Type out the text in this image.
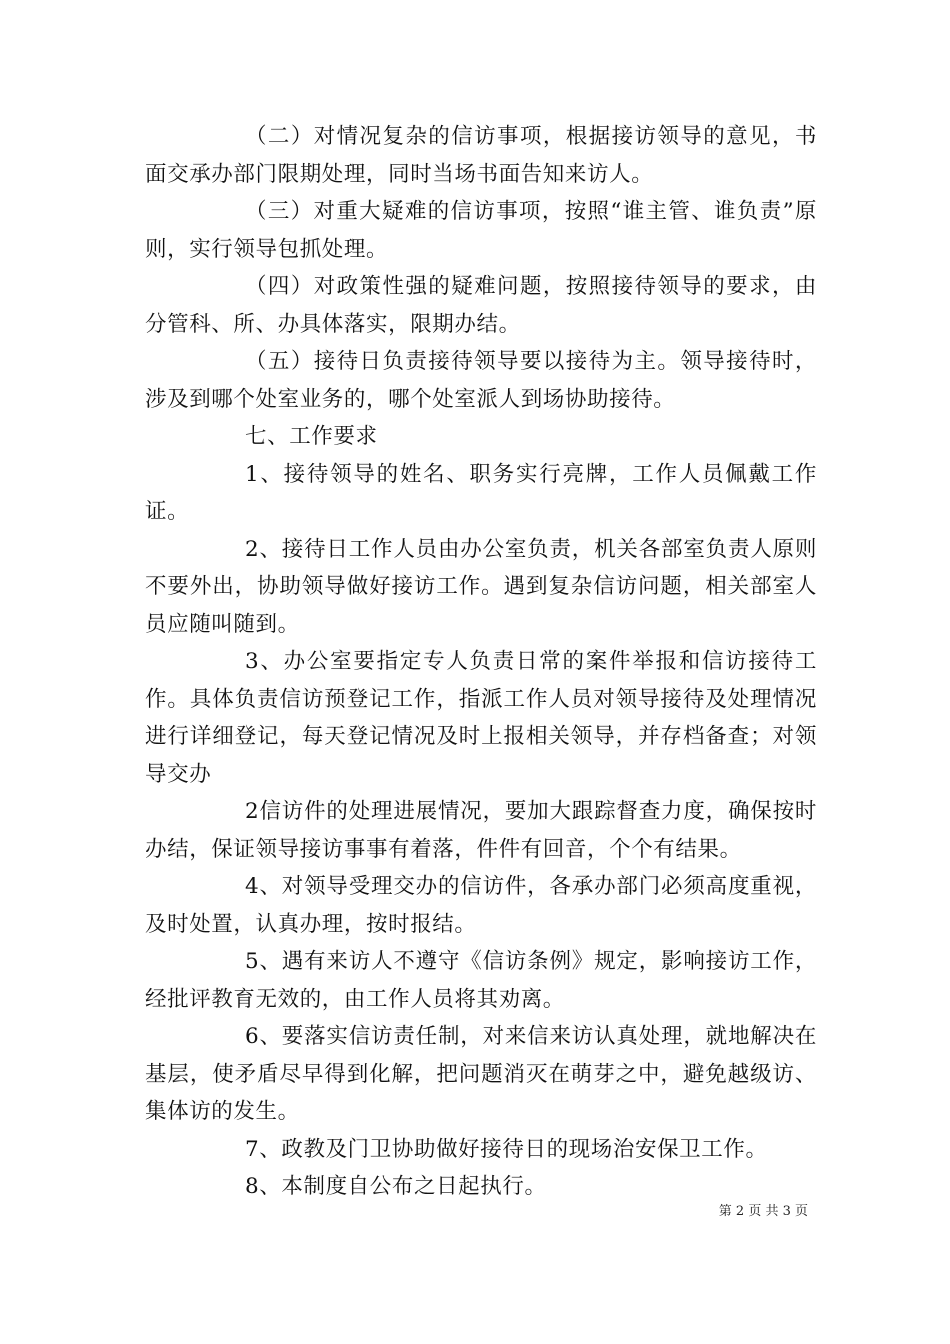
（二）对情况复杂的信访事项，根据接访领导的意见，书面交承办部门限期处理，同时当场书面告知来访人。

（三）对重大疑难的信访事项，按照“谁主管、谁负责”原则，实行领导包抓处理。

（四）对政策性强的疑难问题，按照接待领导的要求，由分管科、所、办具体落实，限期办结。

（五）接待日负责接待领导要以接待为主。领导接待时，涉及到哪个处室业务的，哪个处室派人到场协助接待。

七、工作要求

1、接待领导的姓名、职务实行亮牌，工作人员佩戴工作证。

2、接待日工作人员由办公室负责，机关各部室负责人原则不要外出，协助领导做好接访工作。遇到复杂信访问题，相关部室人员应随叫随到。

3、办公室要指定专人负责日常的案件举报和信访接待工作。具体负责信访预登记工作，指派工作人员对领导接待及处理情况进行详细登记，每天登记情况及时上报相关领导，并存档备查；对领导交办

2信访件的处理进展情况，要加大跟踪督查力度，确保按时办结，保证领导接访事事有着落，件件有回音，个个有结果。

4、对领导受理交办的信访件，各承办部门必须高度重视，及时处置，认真办理，按时报结。

5、遇有来访人不遵守《信访条例》规定，影响接访工作，经批评教育无效的，由工作人员将其劝离。

6、要落实信访责任制，对来信来访认真处理，就地解决在基层，使矛盾尽早得到化解，把问题消灭在萌芽之中，避免越级访、集体访的发生。

7、政教及门卫协助做好接待日的现场治安保卫工作。

8、本制度自公布之日起执行。

第 2 页 共 3 页
